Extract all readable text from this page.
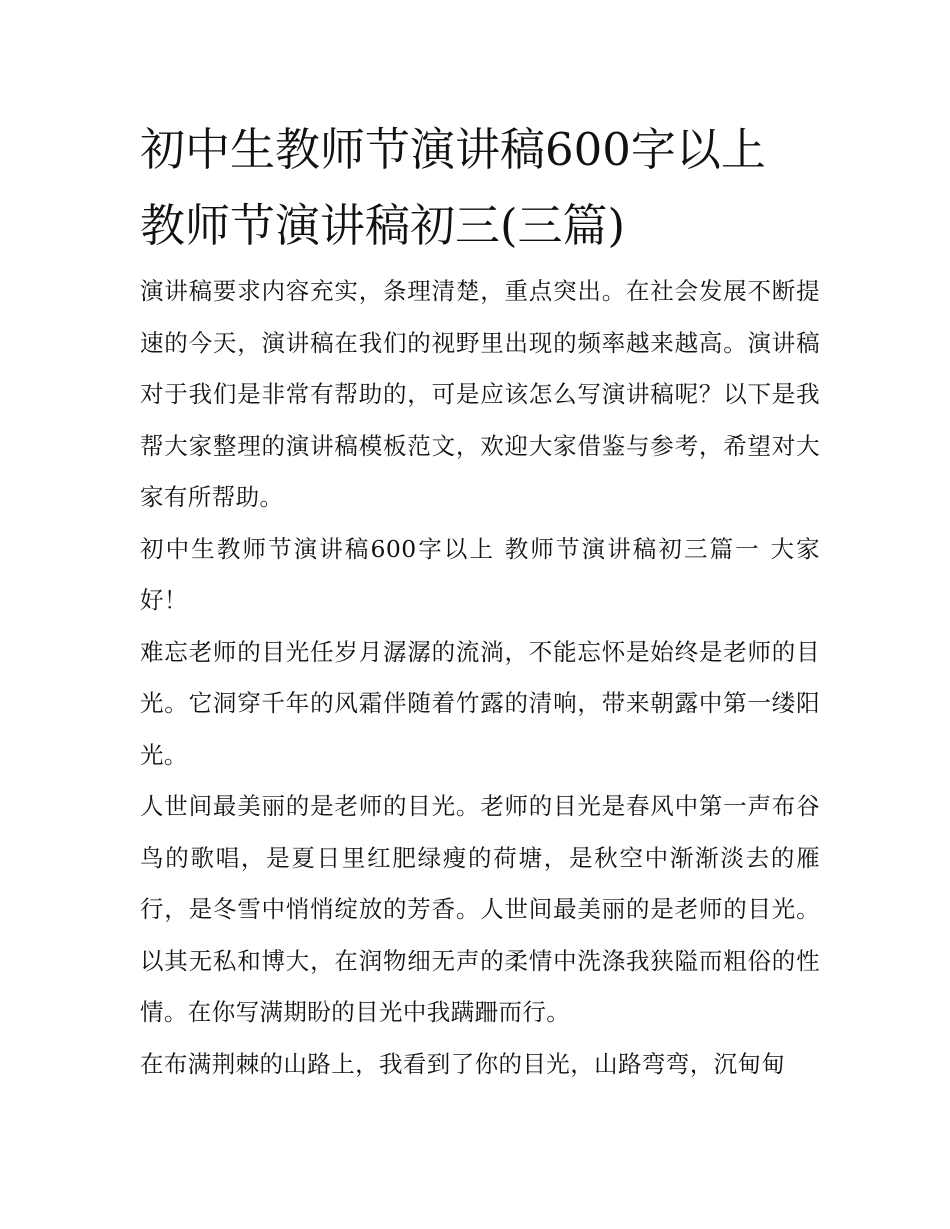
初中生教师节演讲稿600字以上 教师节演讲稿初三(三篇)

演讲稿要求内容充实，条理清楚，重点突出。在社会发展不断提速的今天，演讲稿在我们的视野里出现的频率越来越高。演讲稿对于我们是非常有帮助的，可是应该怎么写演讲稿呢？以下是我帮大家整理的演讲稿模板范文，欢迎大家借鉴与参考，希望对大家有所帮助。

初中生教师节演讲稿600字以上 教师节演讲稿初三篇一 大家好！

难忘老师的目光任岁月潺潺的流淌，不能忘怀是始终是老师的目光。它洞穿千年的风霜伴随着竹露的清响，带来朝露中第一缕阳光。

人世间最美丽的是老师的目光。老师的目光是春风中第一声布谷鸟的歌唱，是夏日里红肥绿瘦的荷塘，是秋空中渐渐淡去的雁行，是冬雪中悄悄绽放的芳香。人世间最美丽的是老师的目光。以其无私和博大，在润物细无声的柔情中洗涤我狭隘而粗俗的性情。在你写满期盼的目光中我蹒跚而行。

在布满荆棘的山路上，我看到了你的目光，山路弯弯，沉甸甸
